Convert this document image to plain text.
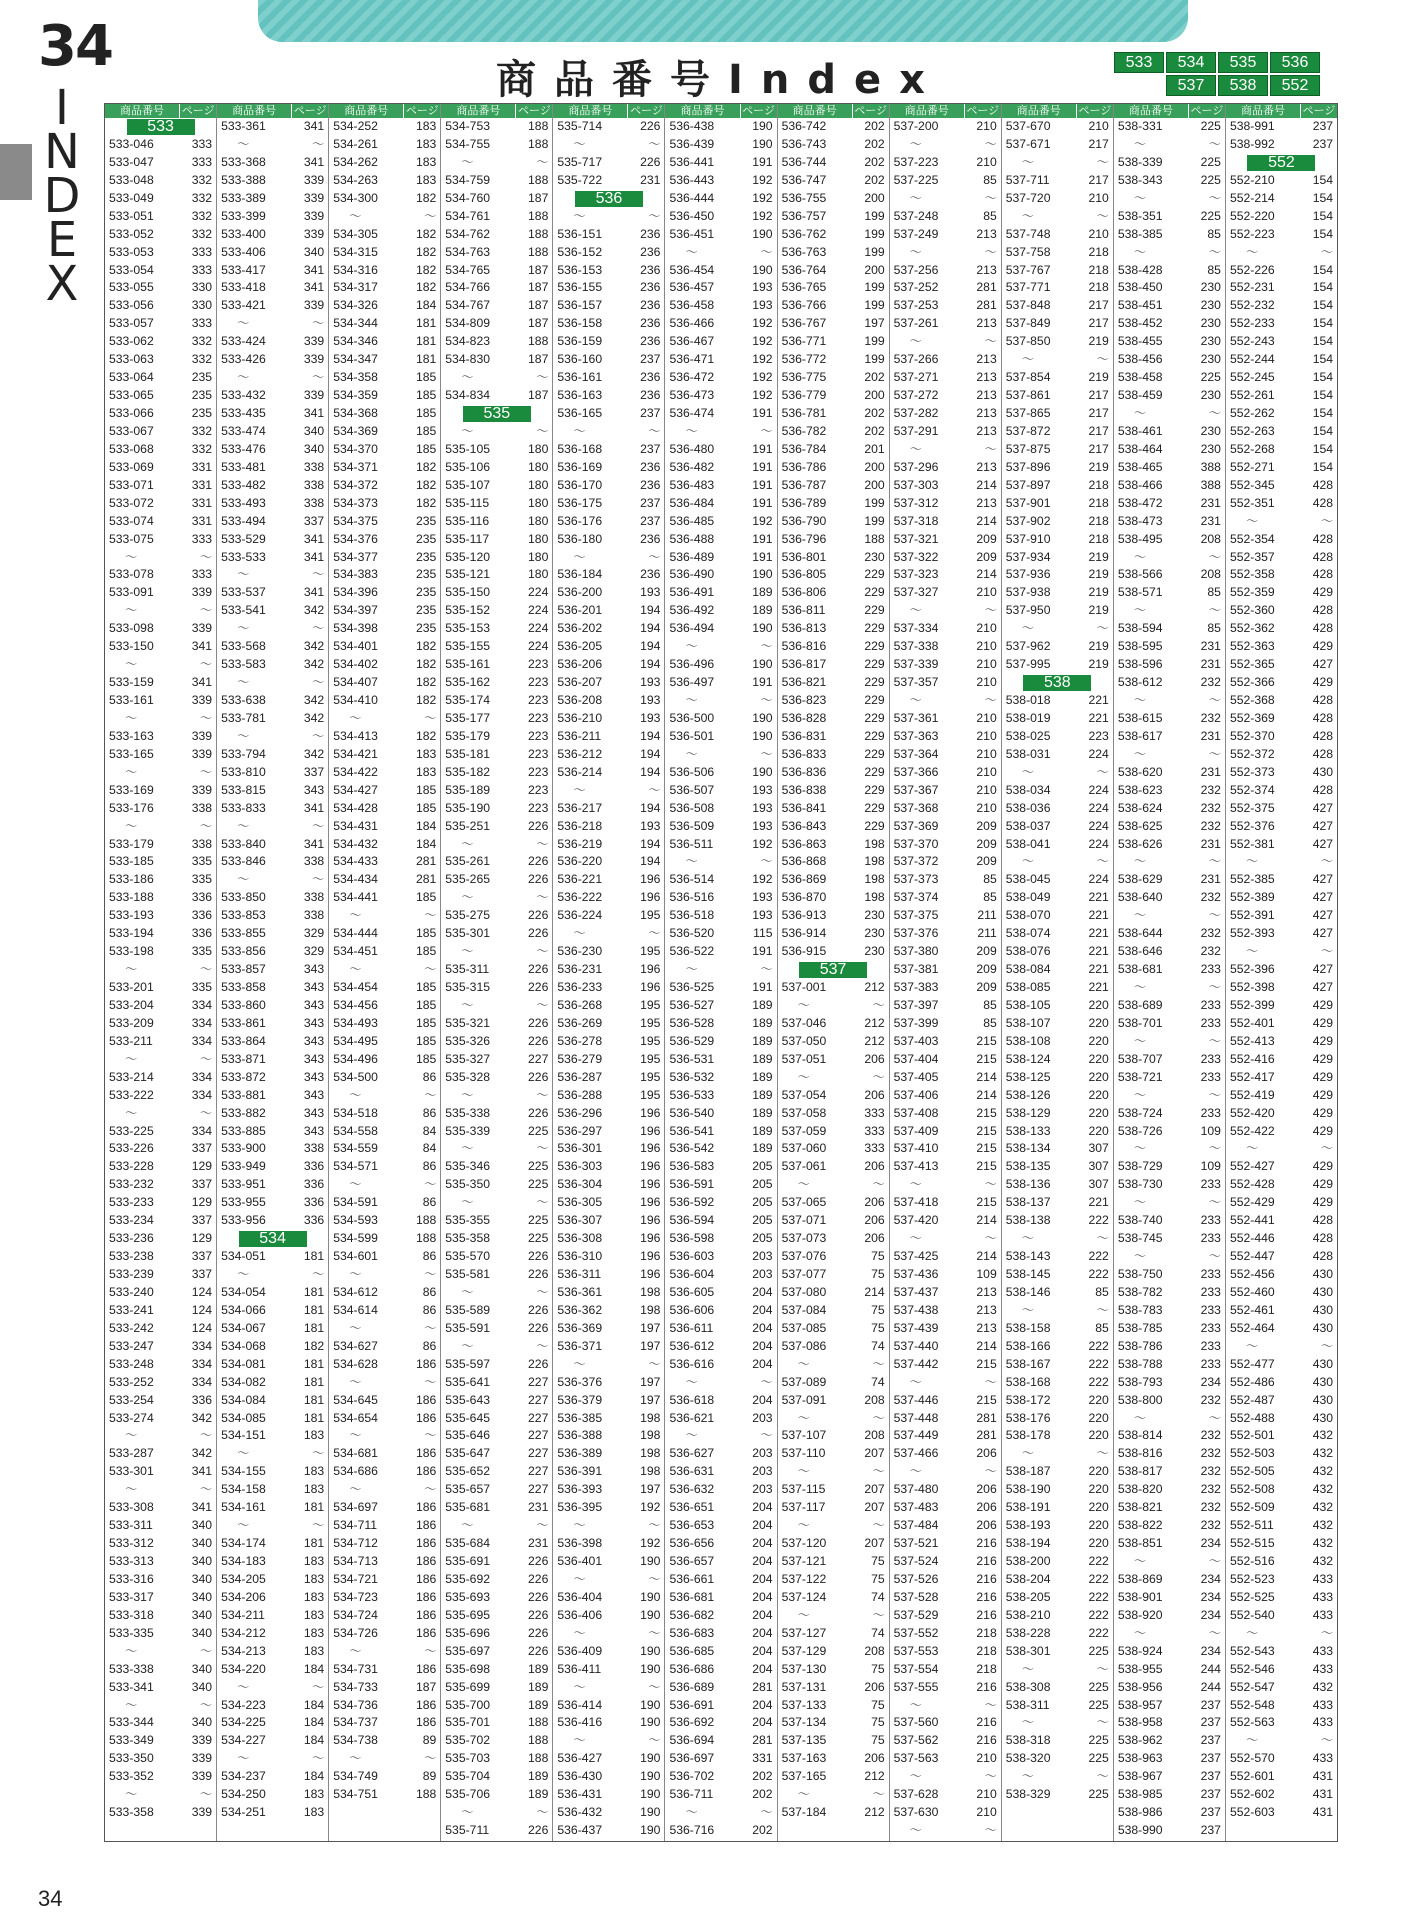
34
INDEX
商品番号Index	533 534 535 536
537 538 552
商品番号	ページ
533
533-046	333
533-047	333
533-048	332
533-049	332
533-051	332
533-052	332
533-053	333
533-054	333
533-055	330
533-056	330
533-057	333
533-062	332
533-063	332
533-064	235
533-065	235
533-066	235
533-067	332
533-068	332
533-069	331
533-071	331
533-072	331
533-074	331
533-075	333
〜	〜
533-078	333
533-091	339
〜	〜
533-098	339
533-150	341
〜	〜
533-159	341
533-161	339
〜	〜
533-163	339
533-165	339
〜	〜
533-169	339
533-176	338
〜	〜
533-179	338
533-185	335
533-186	335
533-188	336
533-193	336
533-194	336
533-198	335
〜	〜
533-201	335
533-204	334
533-209	334
533-211	334
〜	〜
533-214	334
533-222	334
〜	〜
533-225	334
533-226	337
533-228	129
533-232	337
533-233	129
533-234	337
533-236	129
533-238	337
533-239	337
533-240	124
533-241	124
533-242	124
533-247	334
533-248	334
533-252	334
533-254	336
533-274	342
〜	〜
533-287	342
533-301	341
〜	〜
533-308	341
533-311	340
533-312	340
533-313	340
533-316	340
533-317	340
533-318	340
533-335	340
〜	〜
533-338	340
533-341	340
〜	〜
533-344	340
533-349	339
533-350	339
533-352	339
〜	〜
533-358	339
商品番号	ページ
533-361	341
〜	〜
533-368	341
533-388	339
533-389	339
533-399	339
533-400	339
533-406	340
533-417	341
533-418	341
533-421	339
〜	〜
533-424	339
533-426	339
〜	〜
533-432	339
533-435	341
533-474	340
533-476	340
533-481	338
533-482	338
533-493	338
533-494	337
533-529	341
533-533	341
〜	〜
533-537	341
533-541	342
〜	〜
533-568	342
533-583	342
〜	〜
533-638	342
533-781	342
〜	〜
533-794	342
533-810	337
533-815	343
533-833	341
〜	〜
533-840	341
533-846	338
〜	〜
533-850	338
533-853	338
533-855	329
533-856	329
533-857	343
533-858	343
533-860	343
533-861	343
533-864	343
533-871	343
533-872	343
533-881	343
533-882	343
533-885	343
533-900	338
533-949	336
533-951	336
533-955	336
533-956	336
534
534-051	181
〜	〜
534-054	181
534-066	181
534-067	181
534-068	182
534-081	181
534-082	181
534-084	181
534-085	181
534-151	183
〜	〜
534-155	183
534-158	183
534-161	181
〜	〜
534-174	181
534-183	183
534-205	183
534-206	183
534-211	183
534-212	183
534-213	183
534-220	184
〜	〜
534-223	184
534-225	184
534-227	184
〜	〜
534-237	184
534-250	183
534-251	183
商品番号	ページ
534-252	183
534-261	183
534-262	183
534-263	183
534-300	182
〜	〜
534-305	182
534-315	182
534-316	182
534-317	182
534-326	184
534-344	181
534-346	181
534-347	181
534-358	185
534-359	185
534-368	185
534-369	185
534-370	185
534-371	182
534-372	182
534-373	182
534-375	235
534-376	235
534-377	235
534-383	235
534-396	235
534-397	235
534-398	235
534-401	182
534-402	182
534-407	182
534-410	182
〜	〜
534-413	182
534-421	183
534-422	183
534-427	185
534-428	185
534-431	184
534-432	184
534-433	281
534-434	281
534-441	185
〜	〜
534-444	185
534-451	185
〜	〜
534-454	185
534-456	185
534-493	185
534-495	185
534-496	185
534-500	86
〜	〜
534-518	86
534-558	84
534-559	84
534-571	86
〜	〜
534-591	86
534-593	188
534-599	188
534-601	86
〜	〜
534-612	86
534-614	86
〜	〜
534-627	86
534-628	186
〜	〜
534-645	186
534-654	186
〜	〜
534-681	186
534-686	186
〜	〜
534-697	186
534-711	186
534-712	186
534-713	186
534-721	186
534-723	186
534-724	186
534-726	186
〜	〜
534-731	186
534-733	187
534-736	186
534-737	186
534-738	89
〜	〜
534-749	89
534-751	188
商品番号	ページ
534-753	188
534-755	188
〜	〜
534-759	188
534-760	187
534-761	188
534-762	188
534-763	188
534-765	187
534-766	187
534-767	187
534-809	187
534-823	188
534-830	187
〜	〜
534-834	187
535
〜	〜
535-105	180
535-106	180
535-107	180
535-115	180
535-116	180
535-117	180
535-120	180
535-121	180
535-150	224
535-152	224
535-153	224
535-155	224
535-161	223
535-162	223
535-174	223
535-177	223
535-179	223
535-181	223
535-182	223
535-189	223
535-190	223
535-251	226
〜	〜
535-261	226
535-265	226
〜	〜
535-275	226
535-301	226
〜	〜
535-311	226
535-315	226
〜	〜
535-321	226
535-326	226
535-327	227
535-328	226
〜	〜
535-338	226
535-339	225
〜	〜
535-346	225
535-350	225
〜	〜
535-355	225
535-358	225
535-570	226
535-581	226
〜	〜
535-589	226
535-591	226
〜	〜
535-597	226
535-641	227
535-643	227
535-645	227
535-646	227
535-647	227
535-652	227
535-657	227
535-681	231
〜	〜
535-684	231
535-691	226
535-692	226
535-693	226
535-695	226
535-696	226
535-697	226
535-698	189
535-699	189
535-700	189
535-701	188
535-702	188
535-703	188
535-704	189
535-706	189
〜	〜
535-711	226
商品番号	ページ
535-714	226
〜	〜
535-717	226
535-722	231
536
〜	〜
536-151	236
536-152	236
536-153	236
536-155	236
536-157	236
536-158	236
536-159	236
536-160	237
536-161	236
536-163	236
536-165	237
〜	〜
536-168	237
536-169	236
536-170	236
536-175	237
536-176	237
536-180	236
〜	〜
536-184	236
536-200	193
536-201	194
536-202	194
536-205	194
536-206	194
536-207	193
536-208	193
536-210	193
536-211	194
536-212	194
536-214	194
〜	〜
536-217	194
536-218	193
536-219	194
536-220	194
536-221	196
536-222	196
536-224	195
〜	〜
536-230	195
536-231	196
536-233	196
536-268	195
536-269	195
536-278	195
536-279	195
536-287	195
536-288	195
536-296	196
536-297	196
536-301	196
536-303	196
536-304	196
536-305	196
536-307	196
536-308	196
536-310	196
536-311	196
536-361	198
536-362	198
536-369	197
536-371	197
〜	〜
536-376	197
536-379	197
536-385	198
536-388	198
536-389	198
536-391	198
536-393	197
536-395	192
〜	〜
536-398	192
536-401	190
〜	〜
536-404	190
536-406	190
〜	〜
536-409	190
536-411	190
〜	〜
536-414	190
536-416	190
〜	〜
536-427	190
536-430	190
536-431	190
536-432	190
536-437	190
商品番号	ページ
536-438	190
536-439	190
536-441	191
536-443	192
536-444	192
536-450	192
536-451	190
〜	〜
536-454	190
536-457	193
536-458	193
536-466	192
536-467	192
536-471	192
536-472	192
536-473	192
536-474	191
〜	〜
536-480	191
536-482	191
536-483	191
536-484	191
536-485	192
536-488	191
536-489	191
536-490	190
536-491	189
536-492	189
536-494	190
〜	〜
536-496	190
536-497	191
〜	〜
536-500	190
536-501	190
〜	〜
536-506	190
536-507	193
536-508	193
536-509	193
536-511	192
〜	〜
536-514	192
536-516	193
536-518	193
536-520	115
536-522	191
〜	〜
536-525	191
536-527	189
536-528	189
536-529	189
536-531	189
536-532	189
536-533	189
536-540	189
536-541	189
536-542	189
536-583	205
536-591	205
536-592	205
536-594	205
536-598	205
536-603	203
536-604	203
536-605	204
536-606	204
536-611	204
536-612	204
536-616	204
〜	〜
536-618	204
536-621	203
〜	〜
536-627	203
536-631	203
536-632	203
536-651	204
536-653	204
536-656	204
536-657	204
536-661	204
536-681	204
536-682	204
536-683	204
536-685	204
536-686	204
536-689	281
536-691	204
536-692	204
536-694	281
536-697	331
536-702	202
536-711	202
〜	〜
536-716	202
商品番号	ページ
536-742	202
536-743	202
536-744	202
536-747	202
536-755	200
536-757	199
536-762	199
536-763	199
536-764	200
536-765	199
536-766	199
536-767	197
536-771	199
536-772	199
536-775	202
536-779	200
536-781	202
536-782	202
536-784	201
536-786	200
536-787	200
536-789	199
536-790	199
536-796	188
536-801	230
536-805	229
536-806	229
536-811	229
536-813	229
536-816	229
536-817	229
536-821	229
536-823	229
536-828	229
536-831	229
536-833	229
536-836	229
536-838	229
536-841	229
536-843	229
536-863	198
536-868	198
536-869	198
536-870	198
536-913	230
536-914	230
536-915	230
537
537-001	212
〜	〜
537-046	212
537-050	212
537-051	206
〜	〜
537-054	206
537-058	333
537-059	333
537-060	333
537-061	206
〜	〜
537-065	206
537-071	206
537-073	206
537-076	75
537-077	75
537-080	214
537-084	75
537-085	75
537-086	74
〜	〜
537-089	74
537-091	208
〜	〜
537-107	208
537-110	207
〜	〜
537-115	207
537-117	207
〜	〜
537-120	207
537-121	75
537-122	75
537-124	74
〜	〜
537-127	74
537-129	208
537-130	75
537-131	206
537-133	75
537-134	75
537-135	75
537-163	206
537-165	212
〜	〜
537-184	212
商品番号	ページ
537-200	210
〜	〜
537-223	210
537-225	85
〜	〜
537-248	85
537-249	213
〜	〜
537-256	213
537-252	281
537-253	281
537-261	213
〜	〜
537-266	213
537-271	213
537-272	213
537-282	213
537-291	213
〜	〜
537-296	213
537-303	214
537-312	213
537-318	214
537-321	209
537-322	209
537-323	214
537-327	210
〜	〜
537-334	210
537-338	210
537-339	210
537-357	210
〜	〜
537-361	210
537-363	210
537-364	210
537-366	210
537-367	210
537-368	210
537-369	209
537-370	209
537-372	209
537-373	85
537-374	85
537-375	211
537-376	211
537-380	209
537-381	209
537-383	209
537-397	85
537-399	85
537-403	215
537-404	215
537-405	214
537-406	214
537-408	215
537-409	215
537-410	215
537-413	215
〜	〜
537-418	215
537-420	214
〜	〜
537-425	214
537-436	109
537-437	213
537-438	213
537-439	213
537-440	214
537-442	215
〜	〜
537-446	215
537-448	281
537-449	281
537-466	206
〜	〜
537-480	206
537-483	206
537-484	206
537-521	216
537-524	216
537-526	216
537-528	216
537-529	216
537-552	218
537-553	218
537-554	218
537-555	216
〜	〜
537-560	216
537-562	216
537-563	210
〜	〜
537-628	210
537-630	210
〜	〜
商品番号	ページ
537-670	210
537-671	217
〜	〜
537-711	217
537-720	210
〜	〜
537-748	210
537-758	218
537-767	218
537-771	218
537-848	217
537-849	217
537-850	219
〜	〜
537-854	219
537-861	217
537-865	217
537-872	217
537-875	217
537-896	219
537-897	218
537-901	218
537-902	218
537-910	218
537-934	219
537-936	219
537-938	219
537-950	219
〜	〜
537-962	219
537-995	219
538
538-018	221
538-019	221
538-025	223
538-031	224
〜	〜
538-034	224
538-036	224
538-037	224
538-041	224
〜	〜
538-045	224
538-049	221
538-070	221
538-074	221
538-076	221
538-084	221
538-085	221
538-105	220
538-107	220
538-108	220
538-124	220
538-125	220
538-126	220
538-129	220
538-133	220
538-134	307
538-135	307
538-136	307
538-137	221
538-138	222
〜	〜
538-143	222
538-145	222
538-146	85
〜	〜
538-158	85
538-166	222
538-167	222
538-168	222
538-172	220
538-176	220
538-178	220
〜	〜
538-187	220
538-190	220
538-191	220
538-193	220
538-194	220
538-200	222
538-204	222
538-205	222
538-210	222
538-228	222
538-301	225
〜	〜
538-308	225
538-311	225
〜	〜
538-318	225
538-320	225
〜	〜
538-329	225
商品番号	ページ
538-331	225
〜	〜
538-339	225
538-343	225
〜	〜
538-351	225
538-385	85
〜	〜
538-428	85
538-450	230
538-451	230
538-452	230
538-455	230
538-456	230
538-458	225
538-459	230
〜	〜
538-461	230
538-464	230
538-465	388
538-466	388
538-472	231
538-473	231
538-495	208
〜	〜
538-566	208
538-571	85
〜	〜
538-594	85
538-595	231
538-596	231
538-612	232
〜	〜
538-615	232
538-617	231
〜	〜
538-620	231
538-623	232
538-624	232
538-625	232
538-626	231
〜	〜
538-629	231
538-640	232
〜	〜
538-644	232
538-646	232
538-681	233
〜	〜
538-689	233
538-701	233
〜	〜
538-707	233
538-721	233
〜	〜
538-724	233
538-726	109
〜	〜
538-729	109
538-730	233
〜	〜
538-740	233
538-745	233
〜	〜
538-750	233
538-782	233
538-783	233
538-785	233
538-786	233
538-788	233
538-793	234
538-800	232
〜	〜
538-814	232
538-816	232
538-817	232
538-820	232
538-821	232
538-822	232
538-851	234
〜	〜
538-869	234
538-901	234
538-920	234
〜	〜
538-924	234
538-955	244
538-956	244
538-957	237
538-958	237
538-962	237
538-963	237
538-967	237
538-985	237
538-986	237
538-990	237
商品番号	ページ
538-991	237
538-992	237
552
552-210	154
552-214	154
552-220	154
552-223	154
〜	〜
552-226	154
552-231	154
552-232	154
552-233	154
552-243	154
552-244	154
552-245	154
552-261	154
552-262	154
552-263	154
552-268	154
552-271	154
552-345	428
552-351	428
〜	〜
552-354	428
552-357	428
552-358	428
552-359	429
552-360	428
552-362	428
552-363	429
552-365	427
552-366	429
552-368	428
552-369	428
552-370	428
552-372	428
552-373	430
552-374	428
552-375	427
552-376	427
552-381	427
〜	〜
552-385	427
552-389	427
552-391	427
552-393	427
〜	〜
552-396	427
552-398	427
552-399	429
552-401	429
552-413	429
552-416	429
552-417	429
552-419	429
552-420	429
552-422	429
〜	〜
552-427	429
552-428	429
552-429	429
552-441	428
552-446	428
552-447	428
552-456	430
552-460	430
552-461	430
552-464	430
〜	〜
552-477	430
552-486	430
552-487	430
552-488	430
552-501	432
552-503	432
552-505	432
552-508	432
552-509	432
552-511	432
552-515	432
552-516	432
552-523	433
552-525	433
552-540	433
〜	〜
552-543	433
552-546	433
552-547	432
552-548	433
552-563	433
〜	〜
552-570	433
552-601	431
552-602	431
552-603	431
34
